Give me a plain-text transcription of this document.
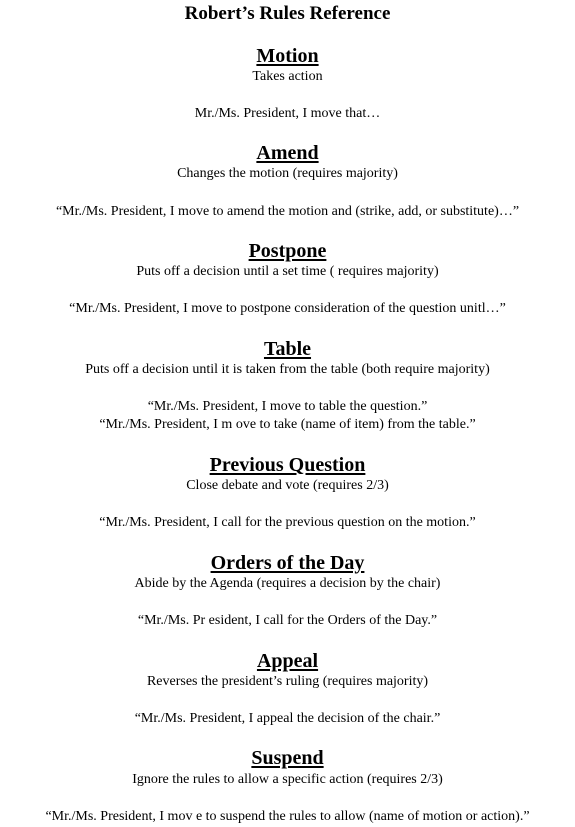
Robert’s Rules Reference
Motion
Takes action
Mr./Ms. President, I move that…
Amend
Changes the motion (requires majority)
“Mr./Ms. President, I move to amend the motion and (strike, add, or substitute)…”
Postpone
Puts off a decision until a set time ( requires majority)
“Mr./Ms. President, I move to postpone consideration of the question unitl…”
Table
Puts off a decision until it is taken from the table (both require majority)
“Mr./Ms. President, I move to table the question.”
“Mr./Ms. President, I m ove to take (name of item) from the table.”
Previous Question
Close debate and vote (requires 2/3)
“Mr./Ms. President, I call for the previous question on the motion.”
Orders of the Day
Abide by the Agenda (requires a decision by the chair)
“Mr./Ms. Pr esident, I call for the Orders of the Day.”
Appeal
Reverses the president’s ruling (requires majority)
“Mr./Ms. President, I appeal the decision of the chair.”
Suspend
Ignore the rules to allow a specific action (requires 2/3)
“Mr./Ms. President, I mov e to suspend the rules to allow (name of motion or action).”
